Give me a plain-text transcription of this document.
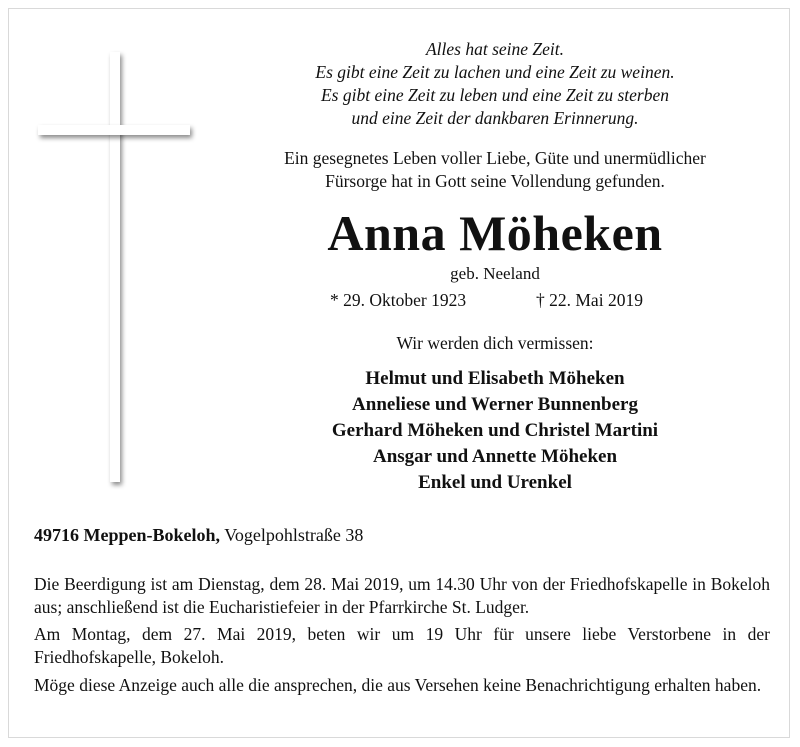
Alles hat seine Zeit.
Es gibt eine Zeit zu lachen und eine Zeit zu weinen.
Es gibt eine Zeit zu leben und eine Zeit zu sterben
und eine Zeit der dankbaren Erinnerung.
Ein gesegnetes Leben voller Liebe, Güte und unermüdlicher
Fürsorge hat in Gott seine Vollendung gefunden.
Anna Möheken
geb. Neeland
* 29. Oktober 1923	† 22. Mai 2019
Wir werden dich vermissen:
Helmut und Elisabeth Möheken
Anneliese und Werner Bunnenberg
Gerhard Möheken und Christel Martini
Ansgar und Annette Möheken
Enkel und Urenkel
49716 Meppen-Bokeloh, Vogelpohlstraße 38
Die Beerdigung ist am Dienstag, dem 28. Mai 2019, um 14.30 Uhr von der Friedhofskapelle in Bokeloh aus; anschließend ist die Eucharistiefeier in der Pfarrkirche St. Ludger.
Am Montag, dem 27. Mai 2019, beten wir um 19 Uhr für unsere liebe Verstorbene in der Friedhofskapelle, Bokeloh.
Möge diese Anzeige auch alle die ansprechen, die aus Versehen keine Benachrichtigung erhalten haben.
